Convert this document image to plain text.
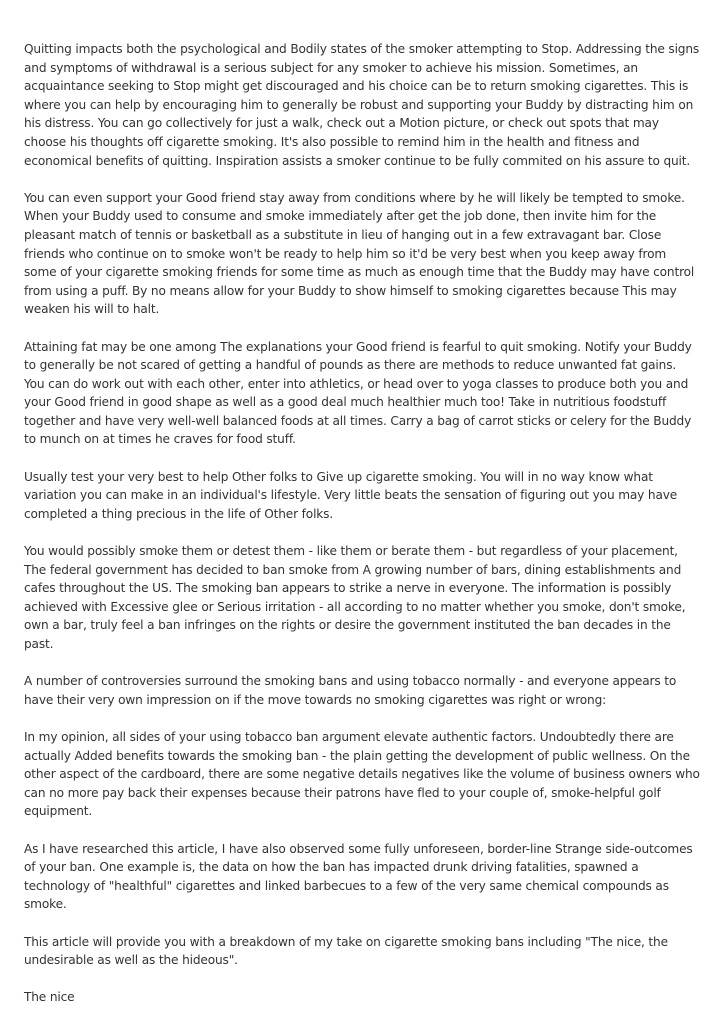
Quitting impacts both the psychological and Bodily states of the smoker attempting to Stop. Addressing the signs and symptoms of withdrawal is a serious subject for any smoker to achieve his mission. Sometimes, an acquaintance seeking to Stop might get discouraged and his choice can be to return smoking cigarettes. This is where you can help by encouraging him to generally be robust and supporting your Buddy by distracting him on his distress. You can go collectively for just a walk, check out a Motion picture, or check out spots that may choose his thoughts off cigarette smoking. It's also possible to remind him in the health and fitness and economical benefits of quitting. Inspiration assists a smoker continue to be fully commited on his assure to quit.

You can even support your Good friend stay away from conditions where by he will likely be tempted to smoke. When your Buddy used to consume and smoke immediately after get the job done, then invite him for the pleasant match of tennis or basketball as a substitute in lieu of hanging out in a few extravagant bar. Close friends who continue on to smoke won't be ready to help him so it'd be very best when you keep away from some of your cigarette smoking friends for some time as much as enough time that the Buddy may have control from using a puff. By no means allow for your Buddy to show himself to smoking cigarettes because This may weaken his will to halt.

Attaining fat may be one among The explanations your Good friend is fearful to quit smoking. Notify your Buddy to generally be not scared of getting a handful of pounds as there are methods to reduce unwanted fat gains. You can do work out with each other, enter into athletics, or head over to yoga classes to produce both you and your Good friend in good shape as well as a good deal much healthier much too! Take in nutritious foodstuff together and have very well-well balanced foods at all times. Carry a bag of carrot sticks or celery for the Buddy to munch on at times he craves for food stuff.

Usually test your very best to help Other folks to Give up cigarette smoking. You will in no way know what variation you can make in an individual's lifestyle. Very little beats the sensation of figuring out you may have completed a thing precious in the life of Other folks.

You would possibly smoke them or detest them - like them or berate them - but regardless of your placement, The federal government has decided to ban smoke from A growing number of bars, dining establishments and cafes throughout the US. The smoking ban appears to strike a nerve in everyone. The information is possibly achieved with Excessive glee or Serious irritation - all according to no matter whether you smoke, don't smoke, own a bar, truly feel a ban infringes on the rights or desire the government instituted the ban decades in the past.

A number of controversies surround the smoking bans and using tobacco normally - and everyone appears to have their very own impression on if the move towards no smoking cigarettes was right or wrong:

In my opinion, all sides of your using tobacco ban argument elevate authentic factors. Undoubtedly there are actually Added benefits towards the smoking ban - the plain getting the development of public wellness. On the other aspect of the cardboard, there are some negative details negatives like the volume of business owners who can no more pay back their expenses because their patrons have fled to your couple of, smoke-helpful golf equipment.

As I have researched this article, I have also observed some fully unforeseen, border-line Strange side-outcomes of your ban. One example is, the data on how the ban has impacted drunk driving fatalities, spawned a technology of "healthful" cigarettes and linked barbecues to a few of the very same chemical compounds as smoke.

This article will provide you with a breakdown of my take on cigarette smoking bans including "The nice, the undesirable as well as the hideous".

The nice
